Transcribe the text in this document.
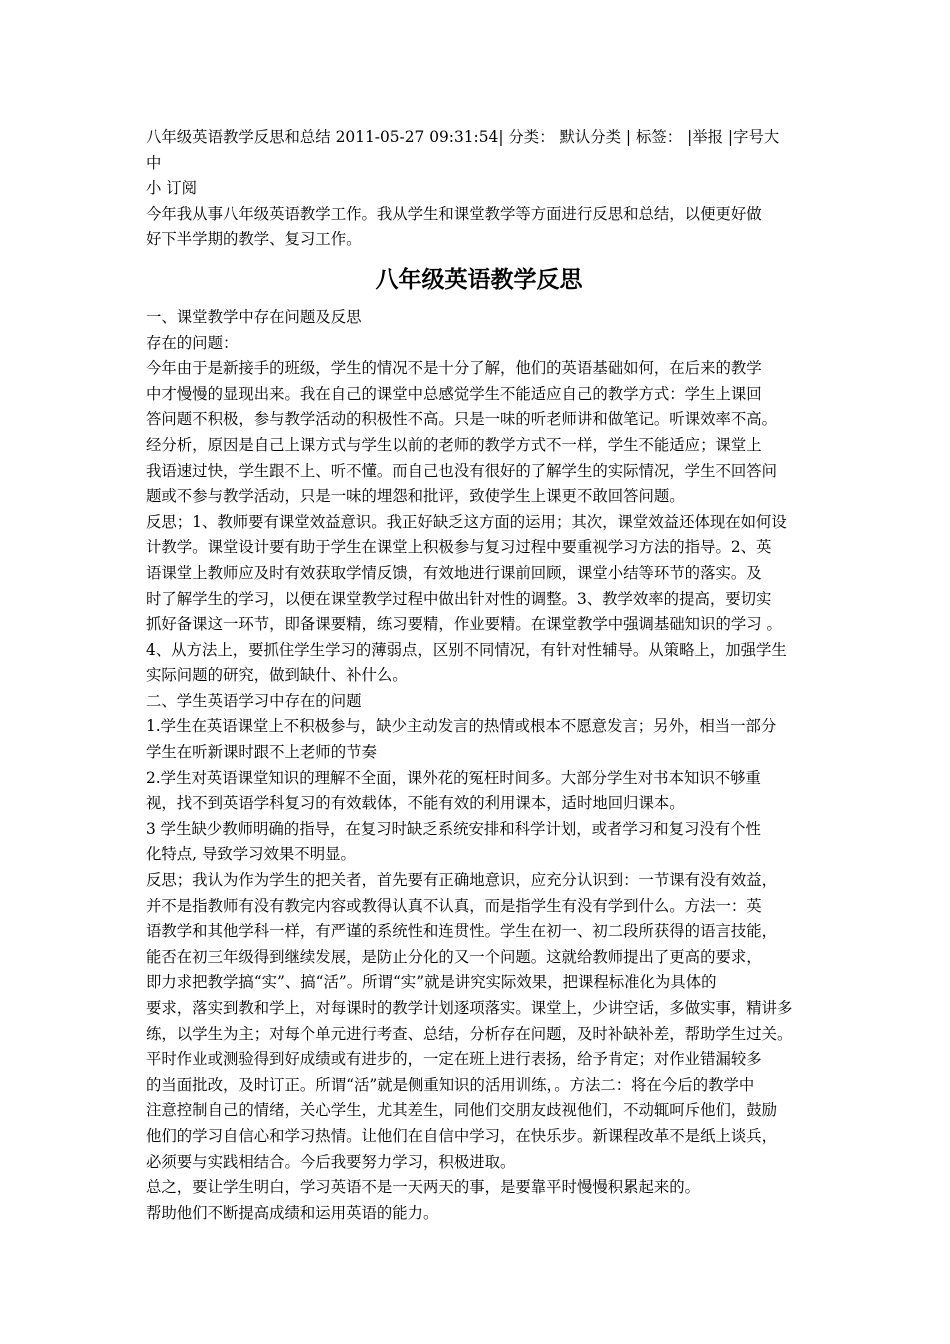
八年级英语教学反思和总结 2011-05-27 09:31:54| 分类： 默认分类 | 标签： |举报 |字号大
中
小 订阅
今年我从事八年级英语教学工作。我从学生和课堂教学等方面进行反思和总结，以便更好做
好下半学期的教学、复习工作。
八年级英语教学反思
一、课堂教学中存在问题及反思
存在的问题：
今年由于是新接手的班级，学生的情况不是十分了解，他们的英语基础如何，在后来的教学
中才慢慢的显现出来。我在自己的课堂中总感觉学生不能适应自己的教学方式：学生上课回
答问题不积极，参与教学活动的积极性不高。只是一味的听老师讲和做笔记。听课效率不高。
经分析，原因是自己上课方式与学生以前的老师的教学方式不一样，学生不能适应；课堂上
我语速过快，学生跟不上、听不懂。而自己也没有很好的了解学生的实际情况，学生不回答问
题或不参与教学活动，只是一味的埋怨和批评，致使学生上课更不敢回答问题。
反思；1、教师要有课堂效益意识。我正好缺乏这方面的运用；其次，课堂效益还体现在如何设
计教学。课堂设计要有助于学生在课堂上积极参与复习过程中要重视学习方法的指导。2、英
语课堂上教师应及时有效获取学情反馈，有效地进行课前回顾，课堂小结等环节的落实。及
时了解学生的学习，以便在课堂教学过程中做出针对性的调整。3、教学效率的提高，要切实
抓好备课这一环节，即备课要精，练习要精，作业要精。在课堂教学中强调基础知识的学习 。
4、从方法上，要抓住学生学习的薄弱点，区别不同情况，有针对性辅导。从策略上，加强学生
实际问题的研究，做到缺什、补什么。
二、学生英语学习中存在的问题
1.学生在英语课堂上不积极参与，缺少主动发言的热情或根本不愿意发言；另外，相当一部分
学生在听新课时跟不上老师的节奏
2.学生对英语课堂知识的理解不全面，课外花的冤枉时间多。大部分学生对书本知识不够重
视，找不到英语学科复习的有效载体，不能有效的利用课本，适时地回归课本。
3 学生缺少教师明确的指导，在复习时缺乏系统安排和科学计划，或者学习和复习没有个性
化特点, 导致学习效果不明显。
反思；我认为作为学生的把关者，首先要有正确地意识，应充分认识到：一节课有没有效益，
并不是指教师有没有教完内容或教得认真不认真，而是指学生有没有学到什么。方法一：英
语教学和其他学科一样，有严谨的系统性和连贯性。学生在初一、初二段所获得的语言技能，
能否在初三年级得到继续发展，是防止分化的又一个问题。这就给教师提出了更高的要求，
即力求把教学搞“实”、搞“活”。所谓“实”就是讲究实际效果，把课程标准化为具体的
要求，落实到教和学上，对每课时的教学计划逐项落实。课堂上，少讲空话，多做实事，精讲多
练，以学生为主；对每个单元进行考查、总结，分析存在问题，及时补缺补差，帮助学生过关。
平时作业或测验得到好成绩或有进步的，一定在班上进行表扬，给予肯定；对作业错漏较多
的当面批改，及时订正。所谓“活”就是侧重知识的活用训练，。方法二：将在今后的教学中
注意控制自己的情绪，关心学生，尤其差生，同他们交朋友歧视他们，不动辄呵斥他们，鼓励
他们的学习自信心和学习热情。让他们在自信中学习，在快乐步。新课程改革不是纸上谈兵，
必须要与实践相结合。今后我要努力学习，积极进取。
总之，要让学生明白，学习英语不是一天两天的事，是要靠平时慢慢积累起来的。
帮助他们不断提高成绩和运用英语的能力。
